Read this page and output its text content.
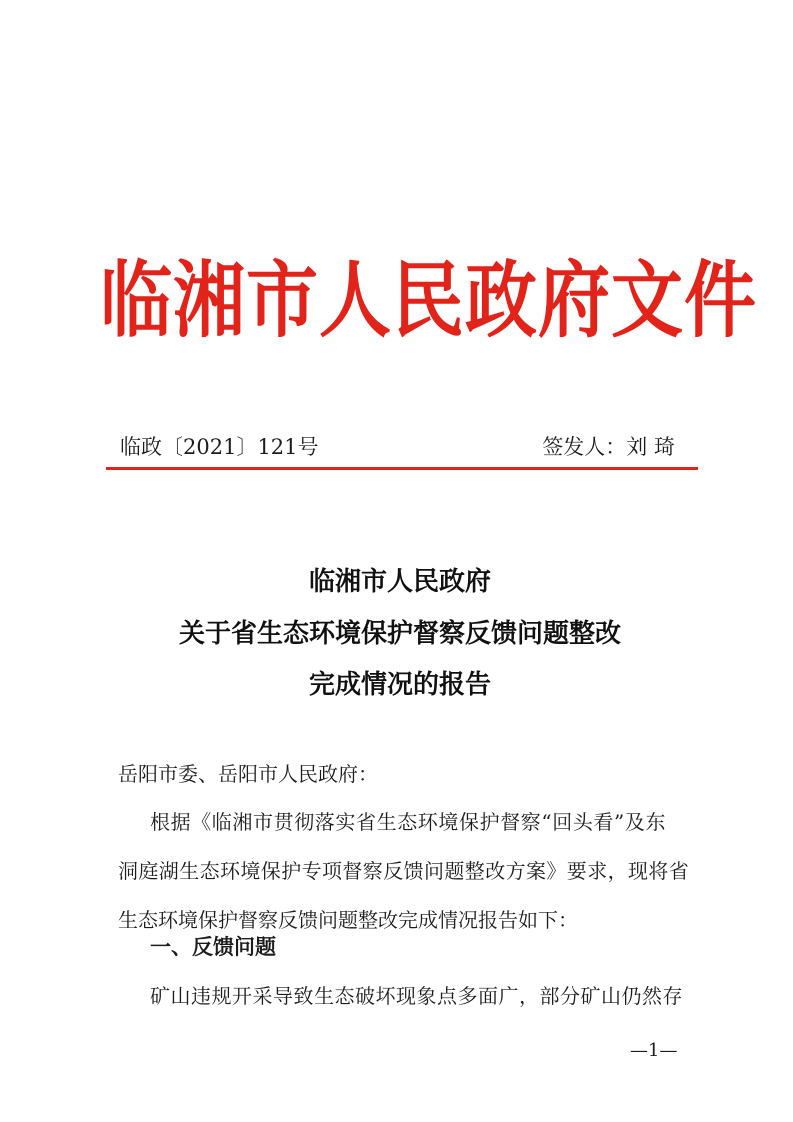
临湘市人民政府文件
临政〔2021〕121号	签发人：刘 琦
临湘市人民政府
关于省生态环境保护督察反馈问题整改
完成情况的报告
岳阳市委、岳阳市人民政府：
根据《临湘市贯彻落实省生态环境保护督察“回头看”及东
洞庭湖生态环境保护专项督察反馈问题整改方案》要求，现将省
生态环境保护督察反馈问题整改完成情况报告如下：
一、反馈问题
矿山违规开采导致生态破坏现象点多面广，部分矿山仍然存
—1—
